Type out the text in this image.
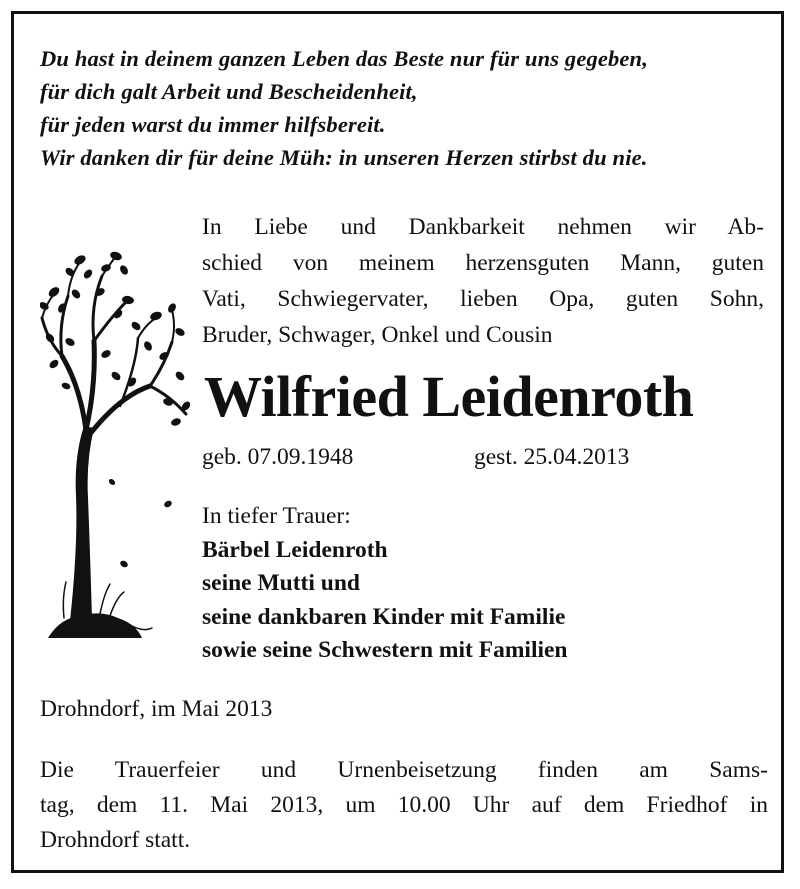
Du hast in deinem ganzen Leben das Beste nur für uns gegeben,
für dich galt Arbeit und Bescheidenheit,
für jeden warst du immer hilfsbereit.
Wir danken dir für deine Müh: in unseren Herzen stirbst du nie.
In Liebe und Dankbarkeit nehmen wir Ab-
schied von meinem herzensguten Mann, guten
Vati, Schwiegervater, lieben Opa, guten Sohn,
Bruder, Schwager, Onkel und Cousin
Wilfried Leidenroth
geb. 07.09.1948	gest. 25.04.2013
In tiefer Trauer:
Bärbel Leidenroth
seine Mutti und
seine dankbaren Kinder mit Familie
sowie seine Schwestern mit Familien
Drohndorf, im Mai 2013
Die Trauerfeier und Urnenbeisetzung finden am Sams-
tag, dem 11. Mai 2013, um 10.00 Uhr auf dem Friedhof in
Drohndorf statt.
